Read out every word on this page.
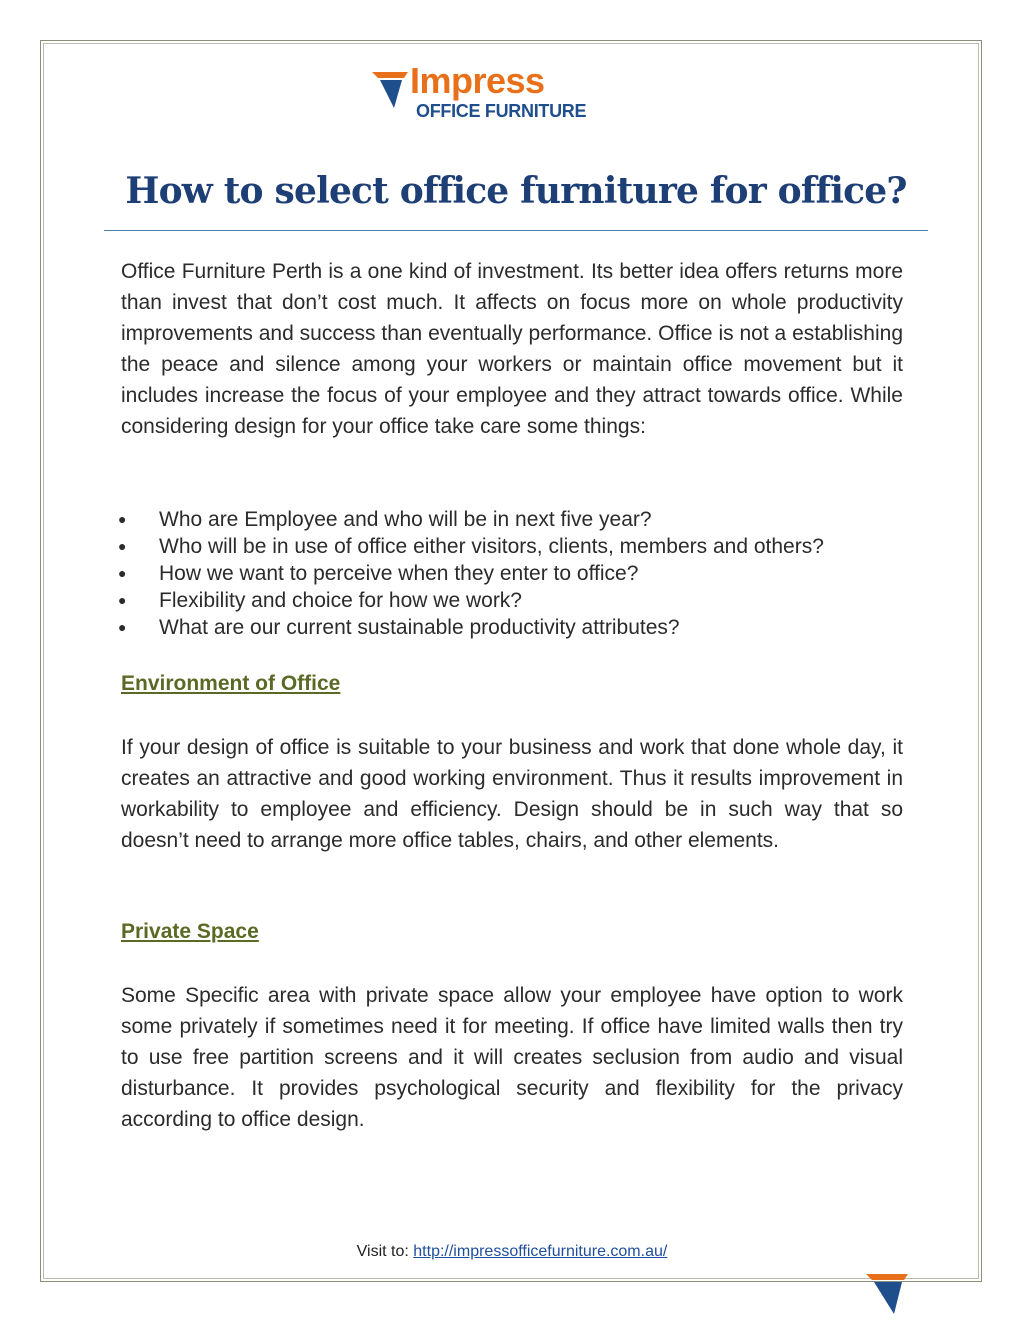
Impress
OFFICE FURNITURE
How to select office furniture for office?

Office Furniture Perth is a one kind of investment. Its better idea offers returns more than invest that don’t cost much. It affects on focus more on whole productivity improvements and success than eventually performance. Office is not a establishing the peace and silence among your workers or maintain office movement but it includes increase the focus of your employee and they attract towards office. While considering design for your office take care some things:

● Who are Employee and who will be in next five year?
● Who will be in use of office either visitors, clients, members and others?
● How we want to perceive when they enter to office?
● Flexibility and choice for how we work?
● What are our current sustainable productivity attributes?
Environment of Office

If your design of office is suitable to your business and work that done whole day, it creates an attractive and good working environment. Thus it results improvement in workability to employee and efficiency. Design should be in such way that so doesn’t need to arrange more office tables, chairs, and other elements.

Private Space

Some Specific area with private space allow your employee have option to work some privately if sometimes need it for meeting. If office have limited walls then try to use free partition screens and it will creates seclusion from audio and visual disturbance. It provides psychological security and flexibility for the privacy according to office design.

Visit to: http://impressofficefurniture.com.au/
